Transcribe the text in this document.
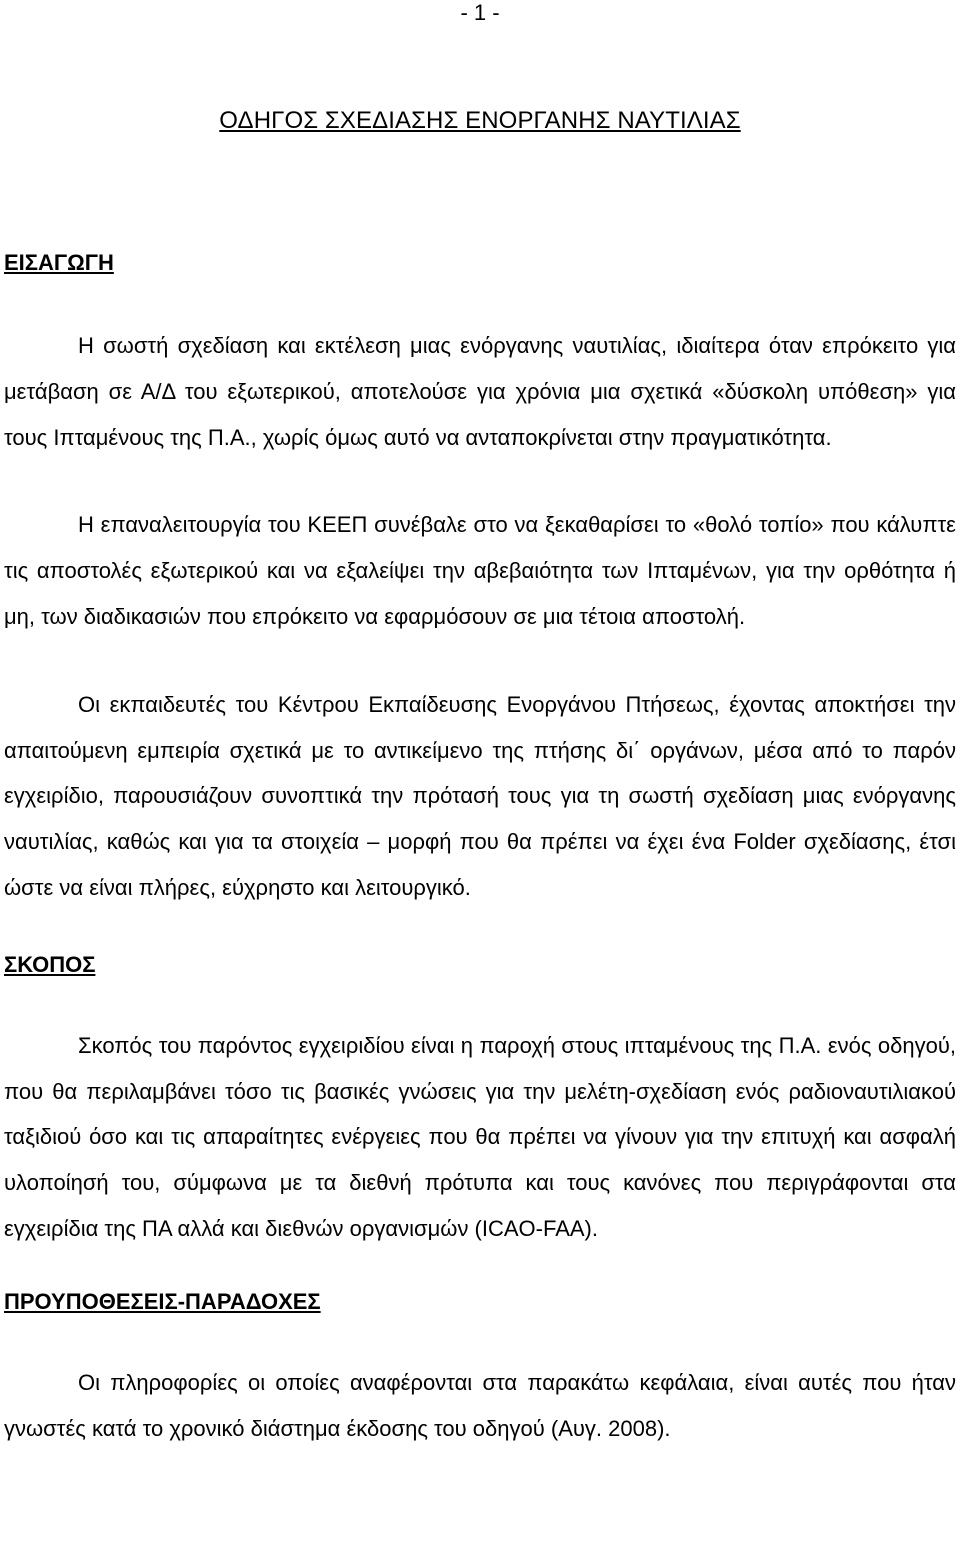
- 1 -
ΟΔΗΓΟΣ ΣΧΕΔΙΑΣΗΣ ΕΝΟΡΓΑΝΗΣ ΝΑΥΤΙΛΙΑΣ
ΕΙΣΑΓΩΓΗ

Η σωστή σχεδίαση και εκτέλεση μιας ενόργανης ναυτιλίας, ιδιαίτερα όταν επρόκειτο για μετάβαση σε Α/Δ του εξωτερικού, αποτελούσε για χρόνια μια σχετικά «δύσκολη υπόθεση» για τους Ιπταμένους της Π.Α., χωρίς όμως αυτό να ανταποκρίνεται στην πραγματικότητα.

Η επαναλειτουργία του ΚΕΕΠ συνέβαλε στο να ξεκαθαρίσει το «θολό τοπίο» που κάλυπτε τις αποστολές εξωτερικού και να εξαλείψει την αβεβαιότητα των Ιπταμένων, για την ορθότητα ή μη, των διαδικασιών που επρόκειτο να εφαρμόσουν σε μια τέτοια αποστολή.

Οι εκπαιδευτές του Κέντρου Εκπαίδευσης Ενοργάνου Πτήσεως, έχοντας αποκτήσει την απαιτούμενη εμπειρία σχετικά με το αντικείμενο της πτήσης δι΄ οργάνων, μέσα από το παρόν εγχειρίδιο, παρουσιάζουν συνοπτικά την πρότασή τους για τη σωστή σχεδίαση μιας ενόργανης ναυτιλίας, καθώς και για τα στοιχεία – μορφή που θα πρέπει να έχει ένα Folder σχεδίασης, έτσι ώστε να είναι πλήρες, εύχρηστο και λειτουργικό.

ΣΚΟΠΟΣ

Σκοπός του παρόντος εγχειριδίου είναι η παροχή στους ιπταμένους της Π.Α. ενός οδηγού, που θα περιλαμβάνει τόσο τις βασικές γνώσεις για την μελέτη-σχεδίαση ενός ραδιοναυτιλιακού ταξιδιού όσο και τις απαραίτητες ενέργειες που θα πρέπει να γίνουν για την επιτυχή και ασφαλή υλοποίησή του, σύμφωνα με τα διεθνή πρότυπα και τους κανόνες που περιγράφονται στα εγχειρίδια της ΠΑ αλλά και διεθνών οργανισμών (ICAO-FAA).

ΠΡΟΥΠΟΘΕΣΕΙΣ-ΠΑΡΑΔΟΧΕΣ

Οι πληροφορίες οι οποίες αναφέρονται στα παρακάτω κεφάλαια, είναι αυτές που ήταν γνωστές κατά το χρονικό διάστημα έκδοσης του οδηγού (Αυγ. 2008).
